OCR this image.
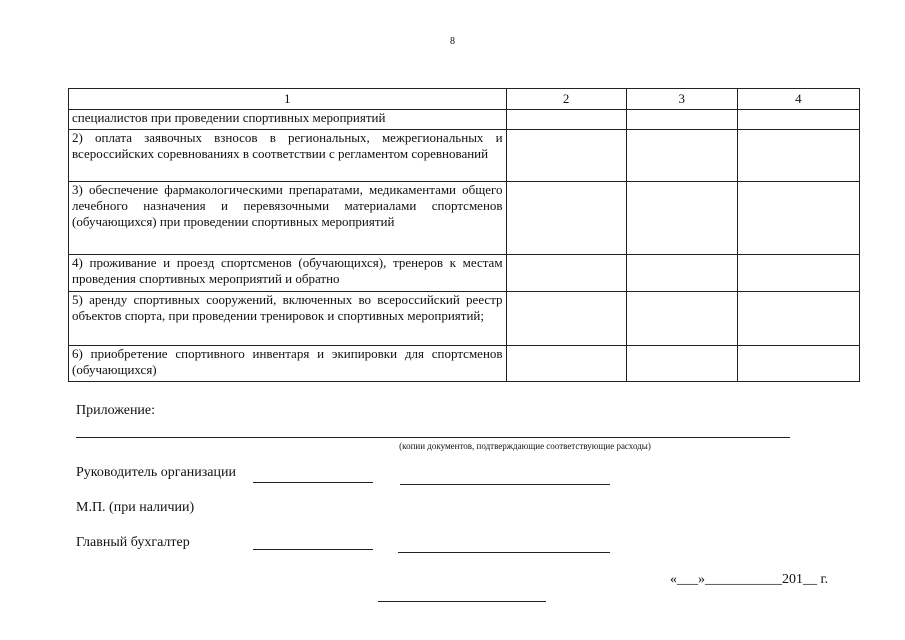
8
1	2	3	4
специалистов при проведении спортивных мероприятий			
2) оплата заявочных взносов в региональных, межрегиональных и всероссийских соревнованиях в соответствии с регламентом соревнований			
3) обеспечение фармакологическими препаратами, медикаментами общего лечебного назначения и перевязочными материалами спортсменов (обучающихся) при проведении спортивных мероприятий			
4) проживание и проезд спортсменов (обучающихся), тренеров к местам проведения спортивных мероприятий и обратно			
5) аренду спортивных сооружений, включенных во всероссийский реестр объектов спорта, при проведении тренировок и спортивных мероприятий;			
6) приобретение спортивного инвентаря и экипировки для спортсменов (обучающихся)			
Приложение:
(копии документов, подтверждающие соответствующие расходы)
Руководитель организации
М.П. (при наличии)
Главный бухгалтер
«___»___________201__ г.
